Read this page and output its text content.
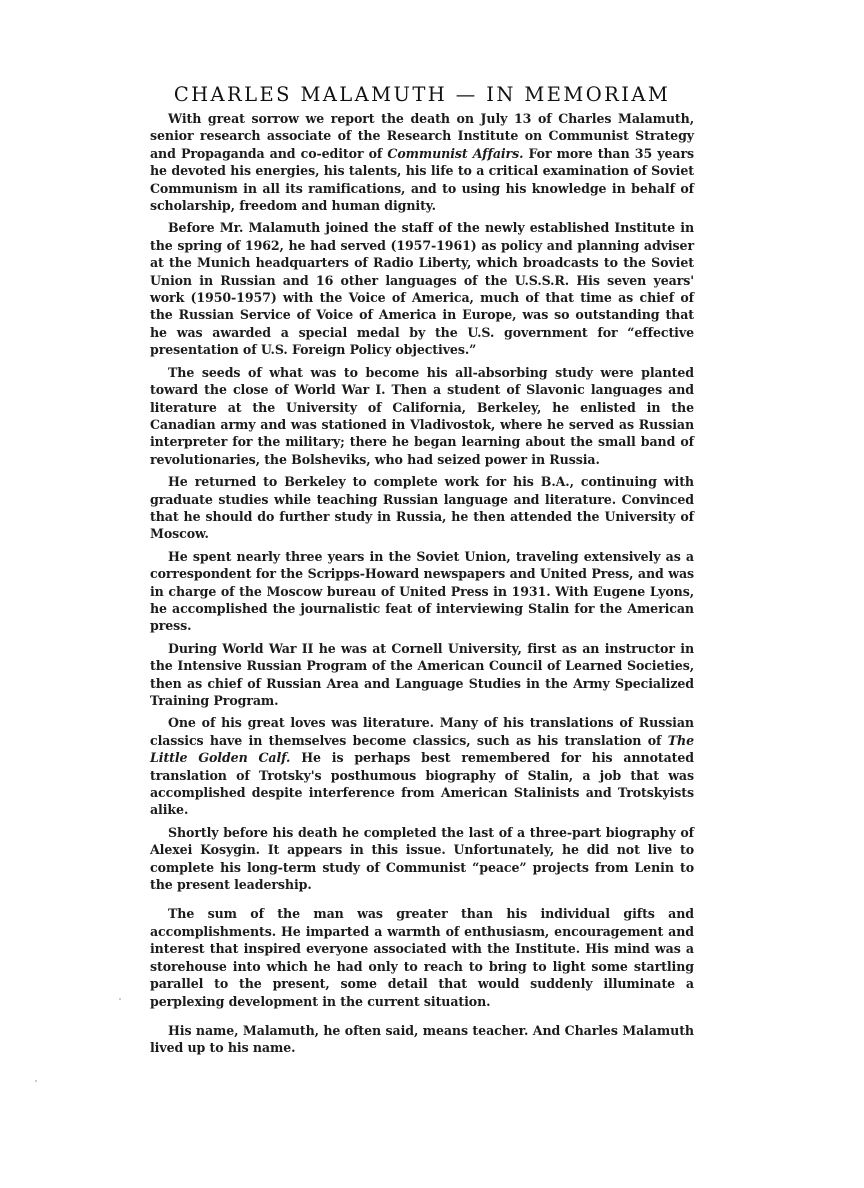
CHARLES MALAMUTH — IN MEMORIAM

With great sorrow we report the death on July 13 of Charles Malamuth, senior research associate of the Research Institute on Communist Strategy and Propaganda and co-editor of Communist Affairs. For more than 35 years he devoted his energies, his talents, his life to a critical examination of Soviet Communism in all its ramifications, and to using his knowledge in behalf of scholarship, freedom and human dignity.

Before Mr. Malamuth joined the staff of the newly established Institute in the spring of 1962, he had served (1957-1961) as policy and planning adviser at the Munich headquarters of Radio Liberty, which broadcasts to the Soviet Union in Russian and 16 other languages of the U.S.S.R. His seven years' work (1950-1957) with the Voice of America, much of that time as chief of the Russian Service of Voice of America in Europe, was so outstanding that he was awarded a special medal by the U.S. government for “effective presentation of U.S. Foreign Policy objectives.”

The seeds of what was to become his all-absorbing study were planted toward the close of World War I. Then a student of Slavonic languages and literature at the University of California, Berkeley, he enlisted in the Canadian army and was stationed in Vladivostok, where he served as Russian interpreter for the military; there he began learning about the small band of revolutionaries, the Bolsheviks, who had seized power in Russia.

He returned to Berkeley to complete work for his B.A., continuing with graduate studies while teaching Russian language and literature. Convinced that he should do further study in Russia, he then attended the University of Moscow.

He spent nearly three years in the Soviet Union, traveling extensively as a correspondent for the Scripps-Howard newspapers and United Press, and was in charge of the Moscow bureau of United Press in 1931. With Eugene Lyons, he accomplished the journalistic feat of interviewing Stalin for the American press.

During World War II he was at Cornell University, first as an instructor in the Intensive Russian Program of the American Council of Learned Societies, then as chief of Russian Area and Language Studies in the Army Specialized Training Program.

One of his great loves was literature. Many of his translations of Russian classics have in themselves become classics, such as his translation of The Little Golden Calf. He is perhaps best remembered for his annotated translation of Trotsky's posthumous biography of Stalin, a job that was accomplished despite interference from American Stalinists and Trotskyists alike.

Shortly before his death he completed the last of a three-part biography of Alexei Kosygin. It appears in this issue. Unfortunately, he did not live to complete his long-term study of Communist “peace” projects from Lenin to the present leadership.

The sum of the man was greater than his individual gifts and accomplishments. He imparted a warmth of enthusiasm, encouragement and interest that inspired everyone associated with the Institute. His mind was a storehouse into which he had only to reach to bring to light some startling parallel to the present, some detail that would suddenly illuminate a perplexing development in the current situation.

His name, Malamuth, he often said, means teacher. And Charles Malamuth lived up to his name.
